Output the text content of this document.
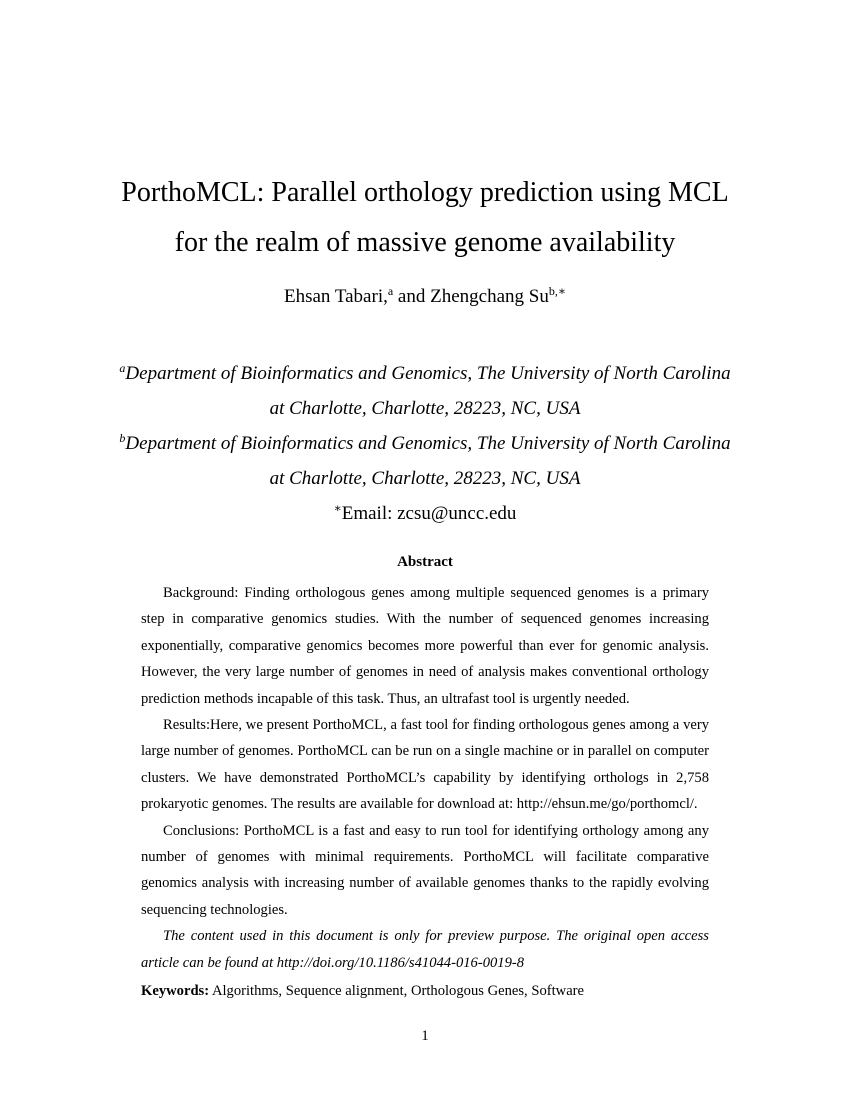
PorthoMCL: Parallel orthology prediction using MCL
for the realm of massive genome availability
Ehsan Tabari,$^a$ and Zhengchang $Su^{b,∗}$
$^a$Department of Bioinformatics and Genomics, The University of North Carolina
at Charlotte, Charlotte, 28223, NC, USA
$^b$Department of Bioinformatics and Genomics, The University of North Carolina
at Charlotte, Charlotte, 28223, NC, USA
∗Email: zcsu@uncc.edu
Abstract

Background: Finding orthologous genes among multiple sequenced genomes is a primary step in comparative genomics studies. With the number of sequenced genomes increasing exponentially, comparative genomics becomes more powerful than ever for genomic analysis. However, the very large number of genomes in need of analysis makes conventional orthology prediction methods incapable of this task. Thus, an ultrafast tool is urgently needed.

Results:Here, we present PorthoMCL, a fast tool for finding orthologous genes among a very large number of genomes. PorthoMCL can be run on a single machine or in parallel on computer clusters. We have demonstrated PorthoMCL’s capability by identifying orthologs in 2,758 prokaryotic genomes. The results are available for download at: http://ehsun.me/go/porthomcl/.

Conclusions: PorthoMCL is a fast and easy to run tool for identifying orthology among any number of genomes with minimal requirements. PorthoMCL will facilitate comparative genomics analysis with increasing number of available genomes thanks to the rapidly evolving sequencing technologies.

The content used in this document is only for preview purpose. The original open access article can be found at http://doi.org/10.1186/s41044-016-0019-8

Keywords: Algorithms, Sequence alignment, Orthologous Genes, Software

1
